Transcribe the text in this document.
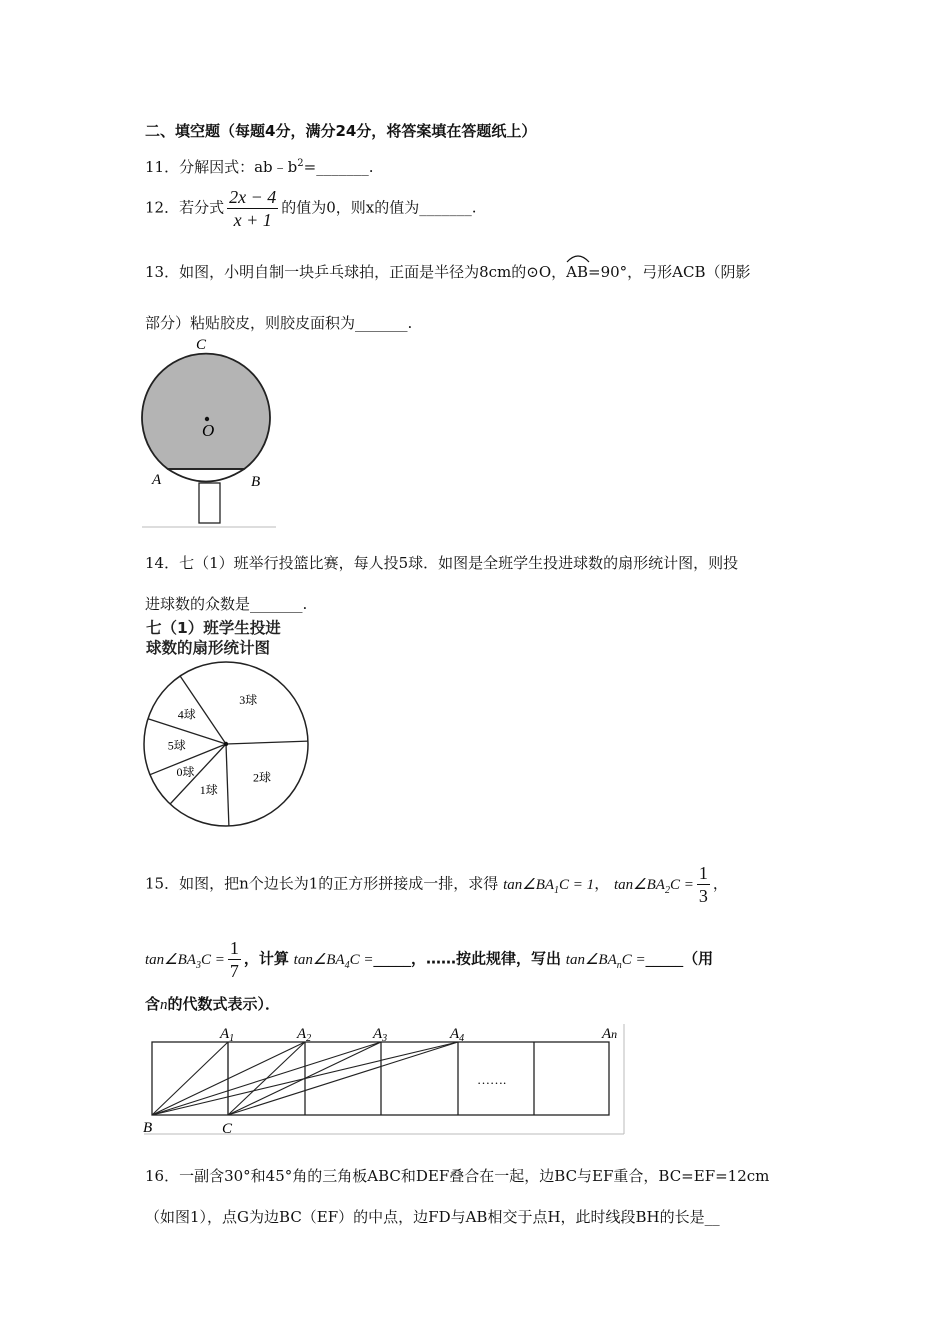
二、填空题（每题4分，满分24分，将答案填在答题纸上）
11．分解因式：$ab﹣b^2=\_\_\_\_\_\_\_$.
12．若分式 $\frac{2x - 4}{x + 1}$ 的值为0，则x的值为_______.
13．如图，小明自制一块乒乓球拍，正面是半径为8cm的⊙O，
AB=90°，弓形ACB（阴影
部分）粘贴胶皮，则胶皮面积为_______.
C
O
A	B
14．七（1）班举行投篮比赛，每人投5球．如图是全班学生投进球数的扇形统计图，则投
进球数的众数是_______.
七（1）班学生投进
球数的扇形统计图
3球
2球
1球
0球
5球
4球
15．如图，把n个边长为1的正方形拼接成一排，求得 $\tan\angle BA_1C = 1$， $\tan\angle BA_2C = \frac{1}{3}$ ，
$\tan\angle BA_3C = \frac{1}{7}$ ，计算 $\tan\angle BA_4C$ =_____，……按此规律，写出 $\tan\angle BA_nC$ =_____（用
含n的代数式表示）．
…….
$A_1$	$A_2$	$A_3$	$A_4$	An
B	C
16．一副含30°和45°角的三角板ABC和DEF叠合在一起，边BC与EF重合，BC=EF=12cm
（如图1），点G为边BC（EF）的中点，边FD与AB相交于点H，此时线段BH的长是__
